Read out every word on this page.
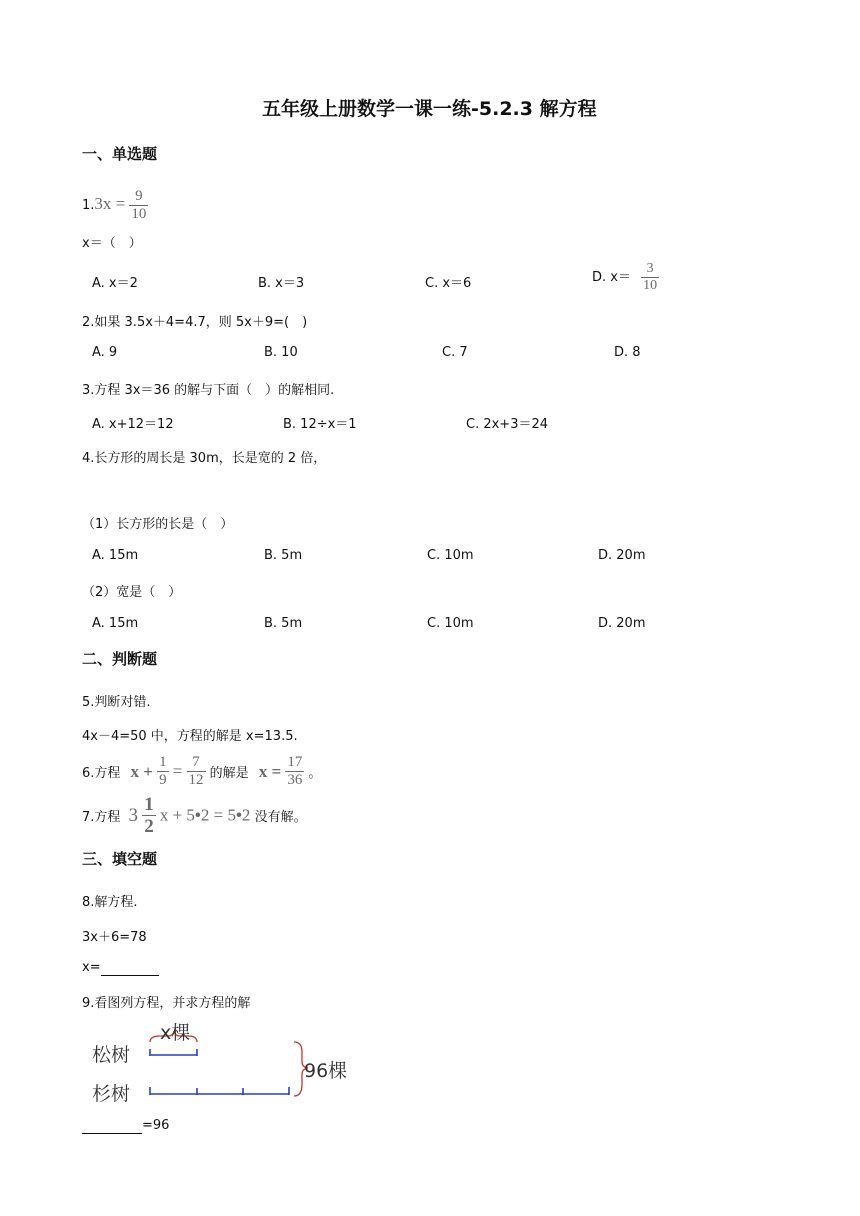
五年级上册数学一课一练-5.2.3 解方程
一、单选题
$1.3x = \frac{9}{10}$
x＝（　）
A. x＝2	B. x＝3	C. x＝6	D. $x= \frac{3}{10}$
2.如果 3.5x＋4=4.7，则 5x＋9=(　)
A. 9	B. 10	C. 7	D. 8
3.方程 3x＝36 的解与下面（　）的解相同.
A. x+12＝12	B. 12÷x＝1	C. 2x+3＝24
4.长方形的周长是 30m，长是宽的 2 倍，
（1）长方形的长是（　）
A. 15m	B. 5m	C. 10m	D. 20m
（2）宽是（　）
A. 15m	B. 5m	C. 10m	D. 20m
二、判断题
5.判断对错.
4x－4=50 中，方程的解是 x=13.5.
6.方程 $x + \frac{1}{9} = \frac{7}{12}$ 的解是 $x = \frac{17}{36}$ 。
7.方程 $3 \frac{1}{2}$ x + 5•2 = 5•2 没有解。
三、填空题
8.解方程.
3x＋6=78
x=
9.看图列方程，并求方程的解
x棵
松树
杉树
96棵
=96
